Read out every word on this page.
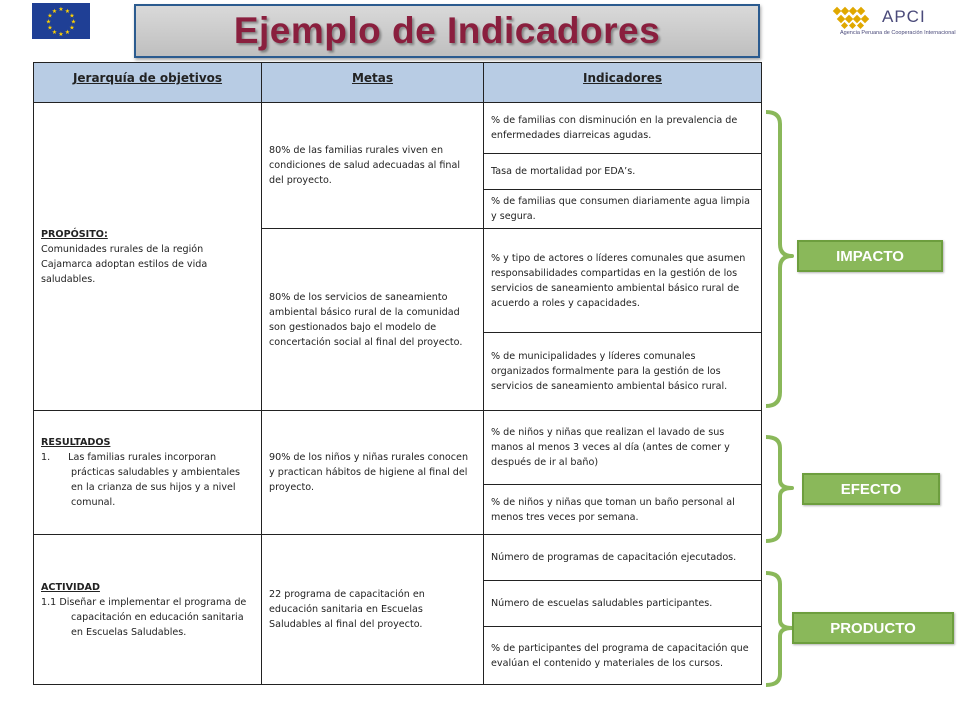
★ ★
★
★
★
★
★
★
★
★
★
★	Ejemplo de Indicadores	APCI
Agencia Peruana de Cooperación Internacional
Jerarquía de objetivos	Metas	Indicadores
PROPÓSITO:
Comunidades rurales de la región Cajamarca adoptan estilos de vida saludables.	80% de las familias rurales viven en condiciones de salud adecuadas al final del proyecto.	% de familias con disminución en la prevalencia de enfermedades diarreicas agudas.
		Tasa de mortalidad por EDA’s.
		% de familias que consumen diariamente agua limpia y segura.
	80% de los servicios de saneamiento ambiental básico rural de la comunidad son gestionados bajo el modelo de concertación social al final del proyecto.	% y tipo de actores o líderes comunales que asumen responsabilidades compartidas en la gestión de los servicios de saneamiento ambiental básico rural de acuerdo a roles y capacidades.
		% de municipalidades y líderes comunales organizados formalmente para la gestión de los servicios de saneamiento ambiental básico rural.
RESULTADOS

1. Las familias rurales incorporan prácticas saludables y ambientales en la crianza de sus hijos y a nivel comunal.	90% de los niños y niñas rurales conocen y practican hábitos de higiene al final del proyecto.	% de niños y niñas que realizan el lavado de sus manos al menos 3 veces al día (antes de comer y después de ir al baño)
		% de niños y niñas que toman un baño personal al menos tres veces por semana.
ACTIVIDAD

1.1 Diseñar e implementar el programa de capacitación en educación sanitaria en Escuelas Saludables.	22 programa de capacitación en educación sanitaria en Escuelas Saludables al final del proyecto.	Número de programas de capacitación ejecutados.
		Número de escuelas saludables participantes.
		% de participantes del programa de capacitación que evalúan el contenido y materiales de los cursos.
IMPACTO
EFECTO
PRODUCTO
